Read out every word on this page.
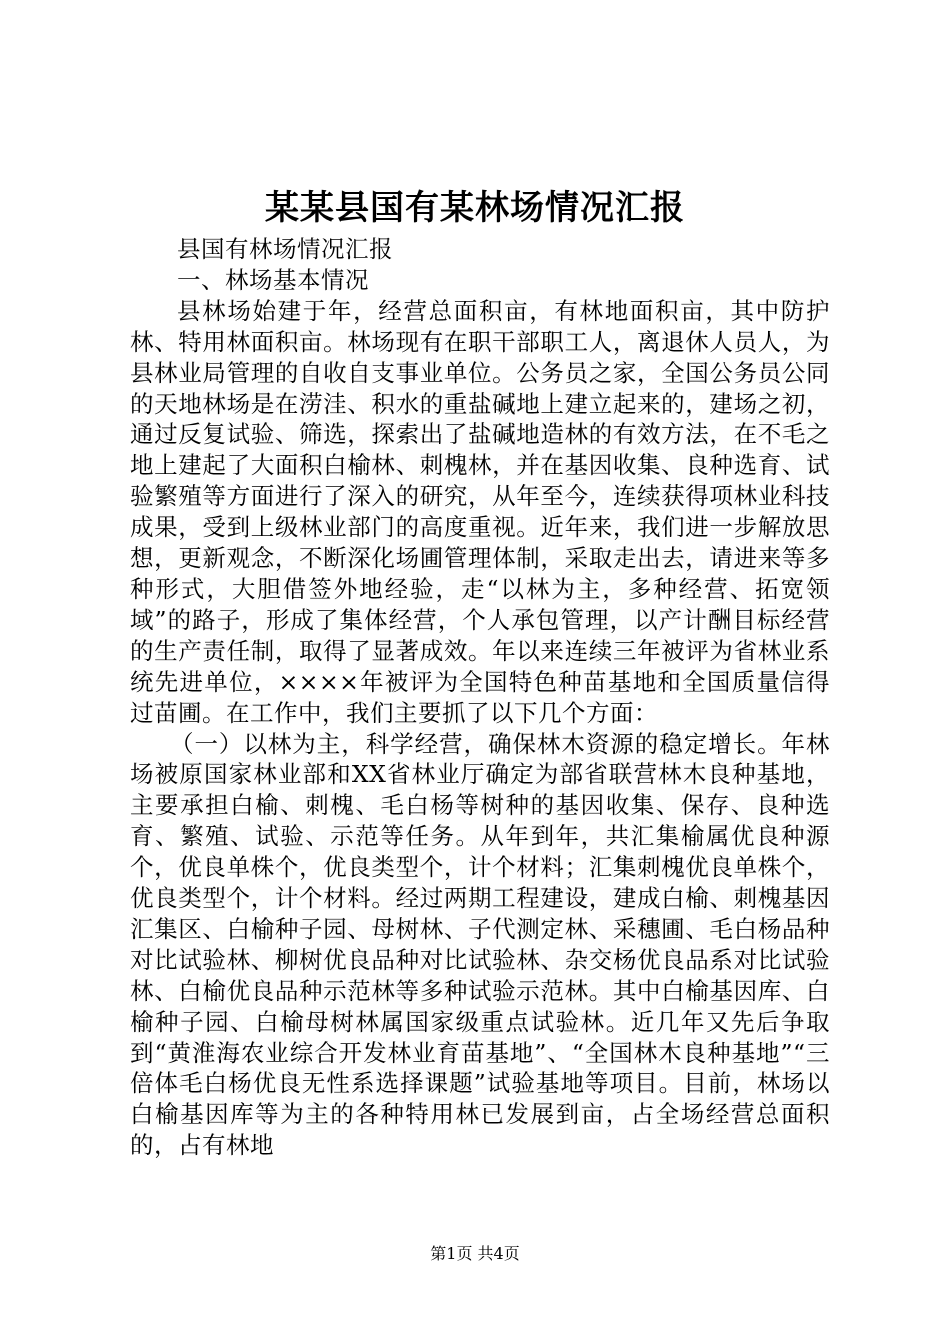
某某县国有某林场情况汇报

县国有林场情况汇报

一、林场基本情况

县林场始建于年，经营总面积亩，有林地面积亩，其中防护林、特用林面积亩。林场现有在职干部职工人，离退休人员人，为县林业局管理的自收自支事业单位。公务员之家，全国公务员公同的天地林场是在涝洼、积水的重盐碱地上建立起来的，建场之初，通过反复试验、筛选，探索出了盐碱地造林的有效方法，在不毛之地上建起了大面积白榆林、刺槐林，并在基因收集、良种选育、试验繁殖等方面进行了深入的研究，从年至今，连续获得项林业科技成果，受到上级林业部门的高度重视。近年来，我们进一步解放思想，更新观念，不断深化场圃管理体制，采取走出去，请进来等多种形式，大胆借签外地经验，走“以林为主，多种经营、拓宽领域”的路子，形成了集体经营，个人承包管理，以产计酬目标经营的生产责任制，取得了显著成效。年以来连续三年被评为省林业系统先进单位，××××年被评为全国特色种苗基地和全国质量信得过苗圃。在工作中，我们主要抓了以下几个方面：

（一）以林为主，科学经营，确保林木资源的稳定增长。年林场被原国家林业部和XX省林业厅确定为部省联营林木良种基地，主要承担白榆、刺槐、毛白杨等树种的基因收集、保存、良种选育、繁殖、试验、示范等任务。从年到年，共汇集榆属优良种源个，优良单株个，优良类型个，计个材料；汇集刺槐优良单株个，优良类型个，计个材料。经过两期工程建设，建成白榆、刺槐基因汇集区、白榆种子园、母树林、子代测定林、采穗圃、毛白杨品种对比试验林、柳树优良品种对比试验林、杂交杨优良品系对比试验林、白榆优良品种示范林等多种试验示范林。其中白榆基因库、白榆种子园、白榆母树林属国家级重点试验林。近几年又先后争取到“黄淮海农业综合开发林业育苗基地”、“全国林木良种基地”“三倍体毛白杨优良无性系选择课题”试验基地等项目。目前，林场以白榆基因库等为主的各种特用林已发展到亩，占全场经营总面积的，占有林地

第1页 共4页
